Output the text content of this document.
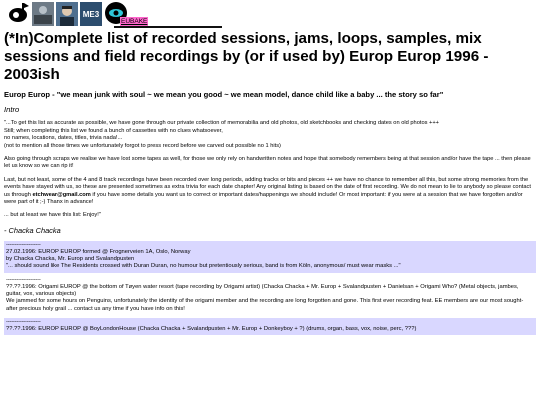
ME3
EUBAKE
(*In)Complete list of recorded sessions, jams, loops, samples, mix sessions and field recordings by (or if used by) Europ Europ 1996 - 2003ish

Europ Europ - "we mean junk with soul ~ we mean you good ~ we mean model, dance child like a baby ... the story so far"

Intro

"...To get this list as accurate as possible, we have gone through our private collection of memorabilia and old photos, old sketchbooks and checking dates on old photos +++
Still; when completing this list we found a bunch of cassettes with no clues whatsoever,
no names, locations, dates, titles, trivia nada!...
(not to mention all those times we unfortunately forgot to press record before we carved out possible no 1 hits)

Also going through scraps we realise we have lost some tapes as well, for those we only rely on handwritten notes and hope that somebody remembers being at that session and/or have the tape ... then please let us know so we can rip it!

Last, but not least, some of the 4 and 8 track recordings have been recorded over long periods, adding tracks or bits and pieces ++ we have no chance to remember all this, but some strong memories from the events have stayed with us, so these are presented sometimes as extra trivia for each date chapter! Any original listing is based on the date of first recording. We do not mean to lie to anybody so please contact us through etchwear@gmail.com if you have some details you want us to correct or important dates/happenings we should include! Or most important: if you were at a session that we have forgotten and/or were part of it ;-) Thanx in advance!

... but at least we have this list: Enjoy!"

- Chacka Chacka

--------------------
27.02.1996: EUROP EUROP formed @ Frognerveien 1A, Oslo, Norway
by Chacka Chacka, Mr. Europ and Svalandpusten
"... should sound like The Residents crossed with Duran Duran, no humour but pretentiously serious, band is from Köln, anonymous/ must wear masks ..."
--------------------
??.??.1996: Origami EUROP @ the bottom of Tøyen water resort (tape recording by Origami artist) (Chacka Chacka + Mr. Europ + Svalandpusten + Danielsan + Origami Who? (Metal objects, jambes, guitar, vox, various objects)
We jammed for some hours on Penguins, unfortunately the identity of the origami member and the recording are long forgotten and gone. This first ever recording feat. EE members are our most sought-after precious holy grail ... contact us any time if you have info on this!
--------------------
??.??.1996: EUROP EUROP @ BoyLondonHouse (Chacka Chacka + Svalandpusten + Mr. Europ + Donkeyboy + ?) (drums, organ, bass, vox, noise, perc, ???)
